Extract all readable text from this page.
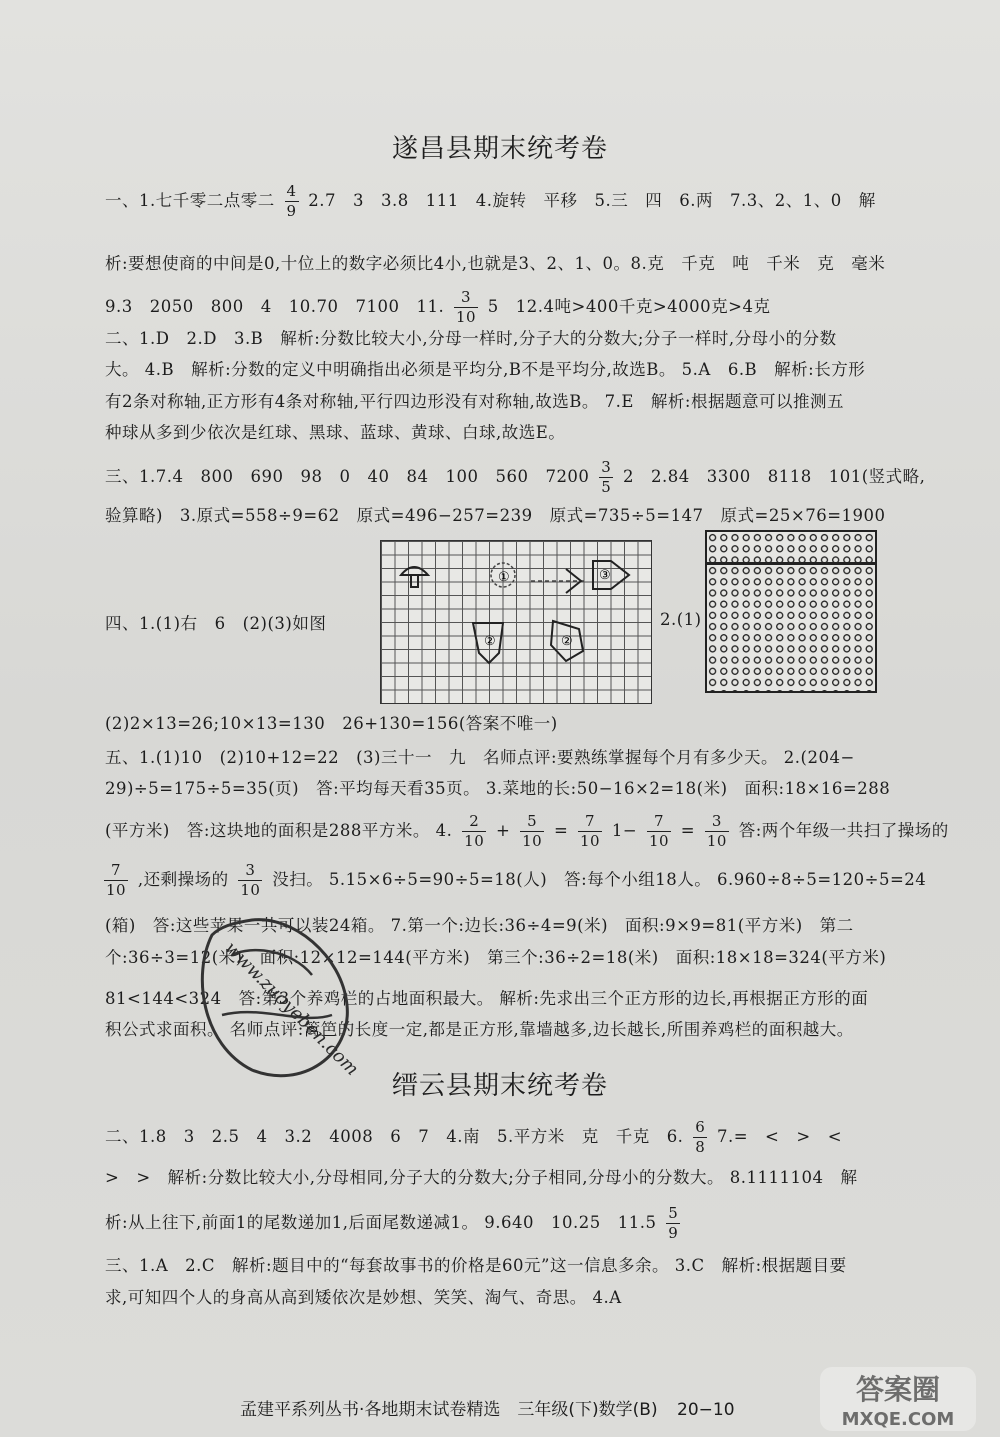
遂昌县期末统考卷
一、1.七千零二点零二 $\frac{4}{9} 2.7$　3　3.8　111　4.旋转　平移　5.三　四　6.两　7.3、2、1、0　解
析:要想使商的中间是0,十位上的数字必须比4小,也就是3、2、1、0。8.克　千克　吨　千米　克　毫米
9.3　2050　800　4　10.70　7100　11. $\frac{3}{10} 5$　12.4吨>400千克>4000克>4克
二、1.D　2.D　3.B　解析:分数比较大小,分母一样时,分子大的分数大;分子一样时,分母小的分数
大。 4.B　解析:分数的定义中明确指出必须是平均分,B不是平均分,故选B。 5.A　6.B　解析:长方形
有2条对称轴,正方形有4条对称轴,平行四边形没有对称轴,故选B。 7.E　解析:根据题意可以推测五
种球从多到少依次是红球、黑球、蓝球、黄球、白球,故选E。
三、1.7.4　800　690　98　0　40　84　100　560　$7200 \frac{3}{5} 2$　2.84　3300　8118　101(竖式略,
验算略)　3.原式=558÷9=62　原式=496−257=239　原式=735÷5=147　原式=25×76=1900
四、1.(1)右　6　(2)(3)如图	2.(1)
①
②	②
③
(2)2×13=26;10×13=130　26+130=156(答案不唯一)
五、1.(1)10　(2)10+12=22　(3)三十一　九　名师点评:要熟练掌握每个月有多少天。 2.(204−
29)÷5=175÷5=35(页)　答:平均每天看35页。 3.菜地的长:50−16×2=18(米)　面积:18×16=288
(平方米)　答:这块地的面积是288平方米。 4. $\frac{2}{10} + \frac{5}{10} = \frac{7}{10} 1- \frac{7}{10} = \frac{3}{10}$ 答:两个年级一共扫了操场的
$\frac{7}{10}$ ,还剩操场的 $\frac{3}{10}$ 没扫。 5.15×6÷5=90÷5=18(人)　答:每个小组18人。 6.960÷8÷5=120÷5=24
(箱)　答:这些苹果一共可以装24箱。 7.第一个:边长:36÷4=9(米)　面积:9×9=81(平方米)　第二
个:36÷3=12(米)　面积:12×12=144(平方米)　第三个:36÷2=18(米)　面积:18×18=324(平方米)
81<144<324　答:第3个养鸡栏的占地面积最大。 解析:先求出三个正方形的边长,再根据正方形的面
积公式求面积。 名师点评:篱笆的长度一定,都是正方形,靠墙越多,边长越长,所围养鸡栏的面积越大。
www.zuoyeben.com
缙云县期末统考卷
二、1.8　3　2.5　4　3.2　4008　6　7　4.南　5.平方米　克　千克　6. $\frac{6}{8} 7.=$　<　>　<
>　>　解析:分数比较大小,分母相同,分子大的分数大;分子相同,分母小的分数大。 8.1111104　解
析:从上往下,前面1的尾数递加1,后面尾数递减1。 9.640　10.25　$11.5 \frac{5}{9}$
三、1.A　2.C　解析:题目中的“每套故事书的价格是60元”这一信息多余。 3.C　解析:根据题目要
求,可知四个人的身高从高到矮依次是妙想、笑笑、淘气、奇思。 4.A
孟建平系列丛书·各地期末试卷精选　三年级(下)数学(B) 20−10
答案圈
MXQE.COM
